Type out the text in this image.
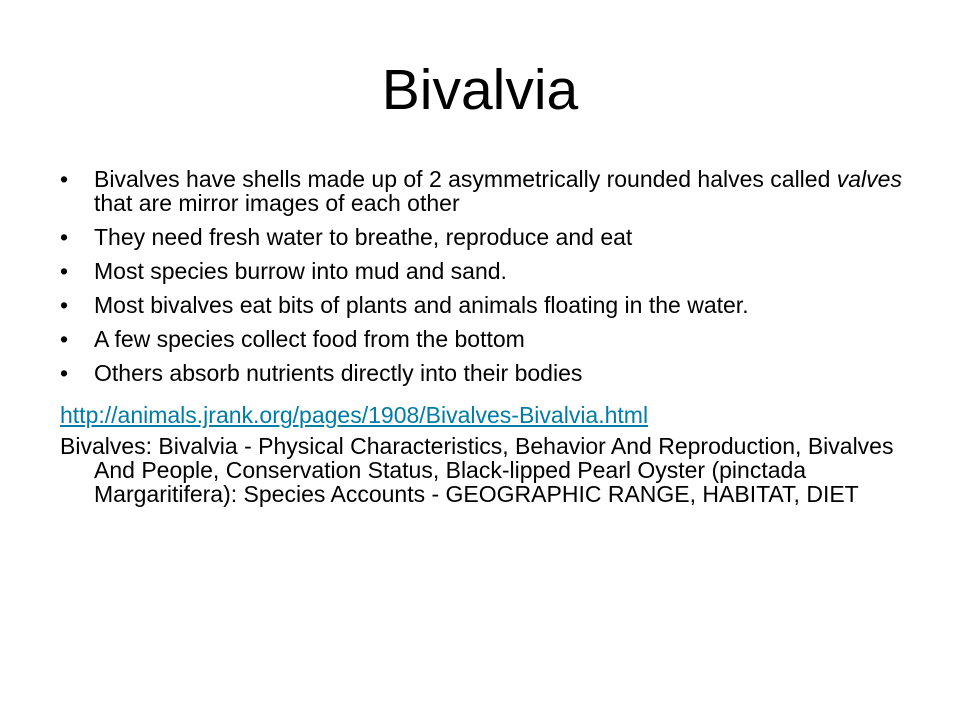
Bivalvia
• Bivalves have shells made up of 2 asymmetrically rounded halves called valves that are mirror images of each other
• They need fresh water to breathe, reproduce and eat
• Most species burrow into mud and sand.
• Most bivalves eat bits of plants and animals floating in the water.
• A few species collect food from the bottom
• Others absorb nutrients directly into their bodies
http://animals.jrank.org/pages/1908/Bivalves-Bivalvia.html
Bivalves: Bivalvia - Physical Characteristics, Behavior And Reproduction, Bivalves And People, Conservation Status, Black-lipped Pearl Oyster (pinctada Margaritifera): Species Accounts - GEOGRAPHIC RANGE, HABITAT, DIET
